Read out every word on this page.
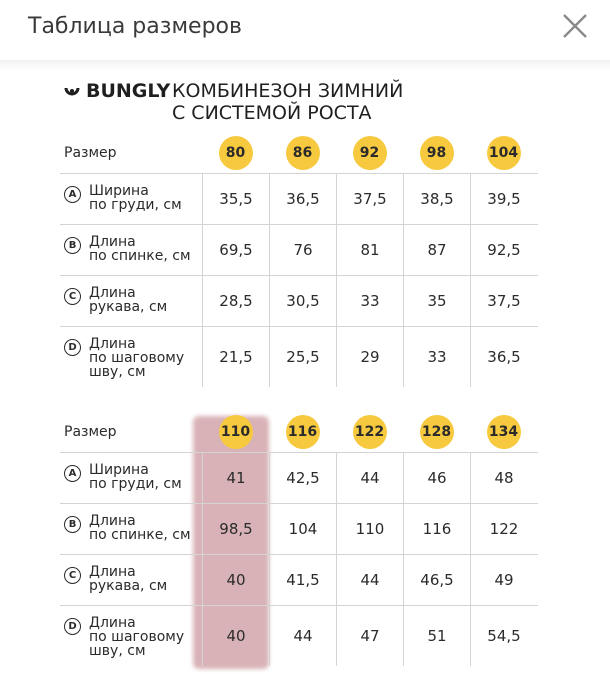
Таблица размеров
BUNGLY КОМБИНЕЗОН ЗИМНИЙ
С СИСТЕМОЙ РОСТА
Размер	80	86	92	98	104
A Ширина
по груди, см	35,5	36,5	37,5	38,5	39,5
B Длина
по спинке, см	69,5	76	81	87	92,5
C Длина
рукава, см	28,5	30,5	33	35	37,5
D Длина
по шаговому
шву, см
21,5	25,5	29	33	36,5
Размер	110	116	122	128	134
A Ширина
по груди, см	41	42,5	44	46	48
B Длина
по спинке, см	98,5	104	110	116	122
C Длина
рукава, см	40	41,5	44	46,5	49
D Длина
по шаговому
шву, см
40	44	47	51	54,5
